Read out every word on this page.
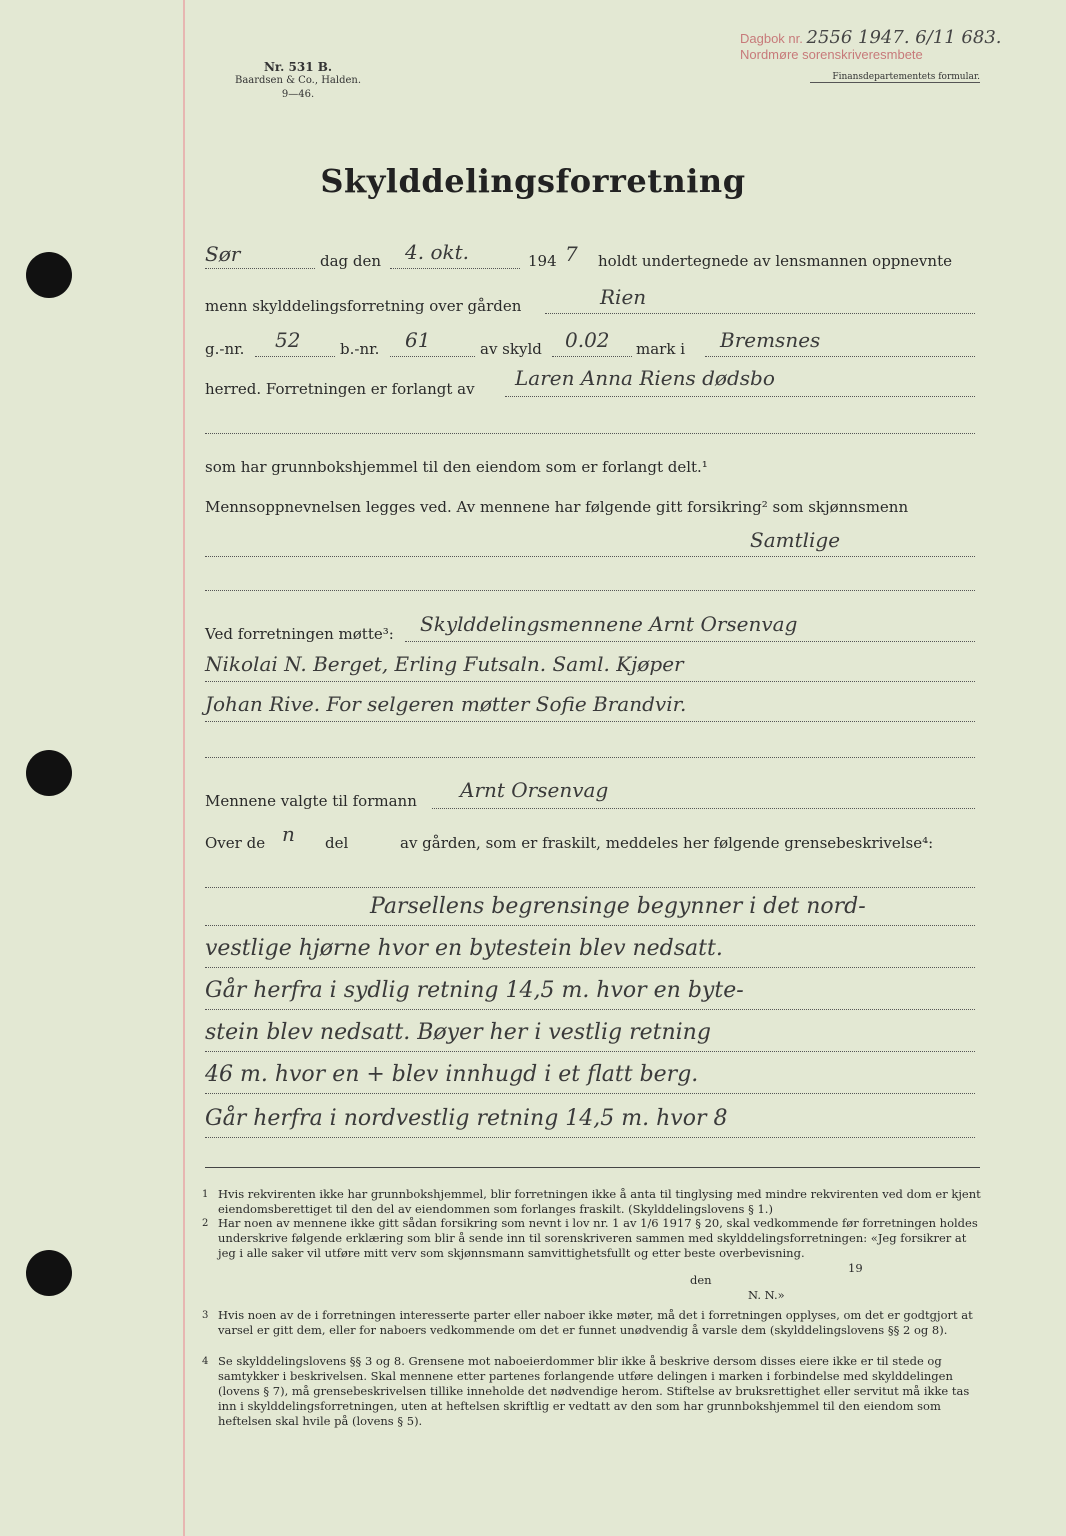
Nr. 531 B.
Baardsen & Co., Halden.
9—46.
Dagbok nr. 2556 1947. 6/11 683.
Nordmøre sorenskriveresmbete
Finansdepartementets formular.
Skylddelingsforretning
Sør	dag den 4. okt.	194 7 holdt undertegnede av lensmannen oppnevnte
menn skylddelingsforretning over gården	Rien
g.-nr. 52	b.-nr. 61	av skyld 0.02 mark i Bremsnes
herred. Forretningen er forlangt av Laren Anna Riens dødsbo
som har grunnbokshjemmel til den eiendom som er forlangt delt.¹
Mennsoppnevnelsen legges ved. Av mennene har følgende gitt forsikring² som skjønnsmenn
Samtlige
Ved forretningen møtte³: Skylddelingsmennene Arnt Orsenvag
Nikolai N. Berget, Erling Futsaln. Saml. Kjøper
Johan Rive. For selgeren møtter Sofie Brandvir.
Mennene valgte til formann Arnt Orsenvag
Over de n del	av gården, som er fraskilt, meddeles her følgende grensebeskrivelse⁴:
Parsellens begrensinge begynner i det nord-
vestlige hjørne hvor en bytestein blev nedsatt.
Går herfra i sydlig retning 14,5 m. hvor en byte-
stein blev nedsatt. Bøyer her i vestlig retning
46 m. hvor en + blev innhugd i et flatt berg.
Går herfra i nordvestlig retning 14,5 m. hvor 8
1 Hvis rekvirenten ikke har grunnbokshjemmel, blir forretningen ikke å anta til tinglysing med mindre rekvirenten ved dom er kjent eiendomsberettiget til den del av eiendommen som forlanges fraskilt. (Skylddelingslovens § 1.)
2 Har noen av mennene ikke gitt sådan forsikring som nevnt i lov nr. 1 av 1/6 1917 § 20, skal vedkommende før forretningen holdes underskrive følgende erklæring som blir å sende inn til sorenskriveren sammen med skylddelingsforretningen: «Jeg forsikrer at jeg i alle saker vil utføre mitt verv som skjønnsmann samvittighetsfullt og etter beste overbevisning.
den
19
N. N.»
3 Hvis noen av de i forretningen interesserte parter eller naboer ikke møter, må det i forretningen opplyses, om det er godtgjort at varsel er gitt dem, eller for naboers vedkommende om det er funnet unødvendig å varsle dem (skylddelingslovens §§ 2 og 8).
4 Se skylddelingslovens §§ 3 og 8. Grensene mot naboeierdommer blir ikke å beskrive dersom disses eiere ikke er til stede og samtykker i beskrivelsen. Skal mennene etter partenes forlangende utføre delingen i marken i forbindelse med skylddelingen (lovens § 7), må grensebeskrivelsen tillike inneholde det nødvendige herom. Stiftelse av bruksrettighet eller servitut må ikke tas inn i skylddelingsforretningen, uten at heftelsen skriftlig er vedtatt av den som har grunnbokshjemmel til den eiendom som heftelsen skal hvile på (lovens § 5).
